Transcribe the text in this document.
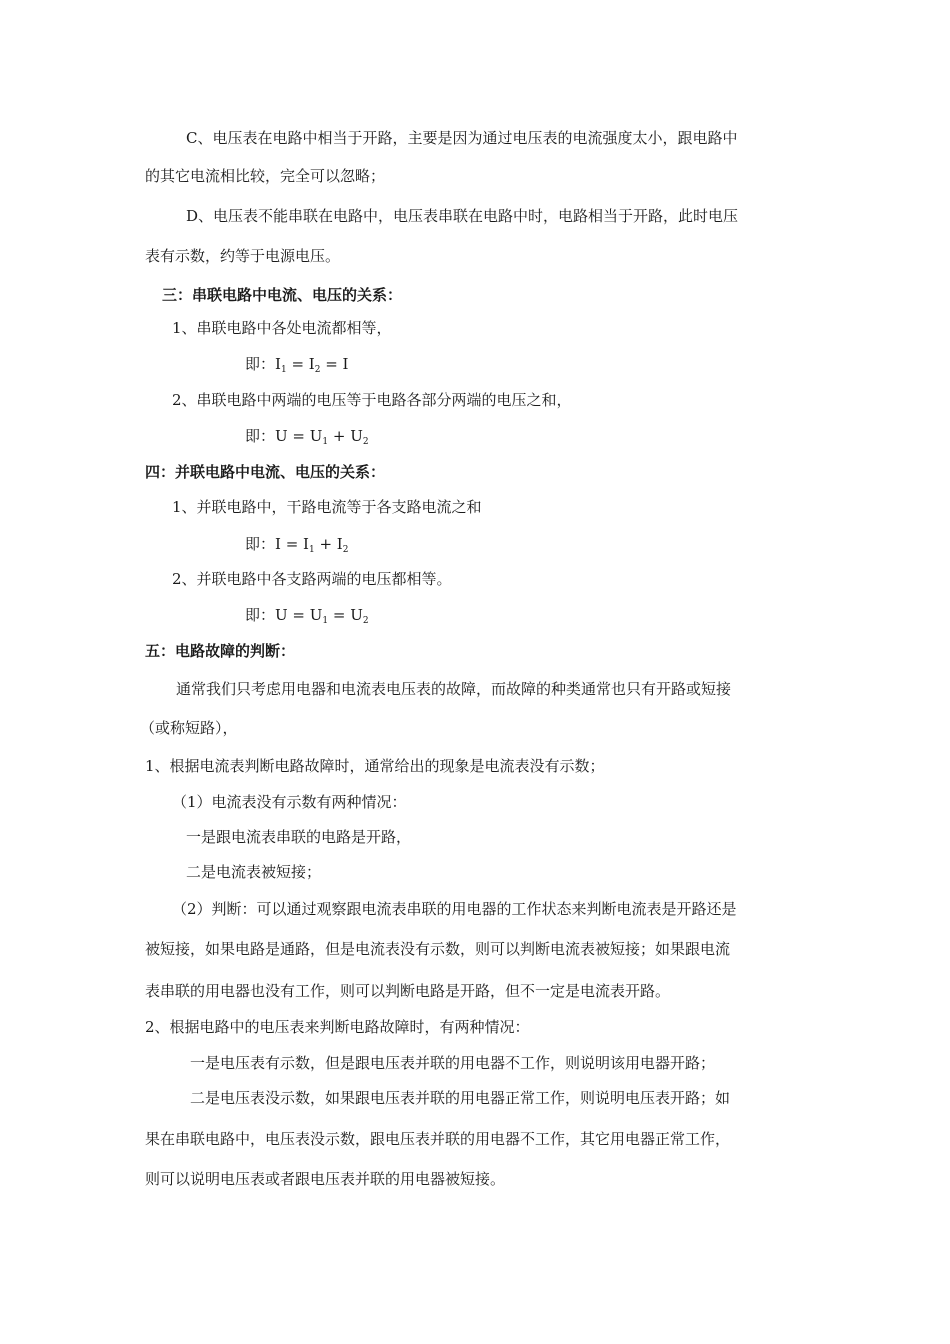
C、电压表在电路中相当于开路，主要是因为通过电压表的电流强度太小，跟电路中
的其它电流相比较，完全可以忽略；
D、电压表不能串联在电路中，电压表串联在电路中时，电路相当于开路，此时电压
表有示数，约等于电源电压。
三：串联电路中电流、电压的关系：
1、串联电路中各处电流都相等，
即：$I_1 = I_2 = I$
2、串联电路中两端的电压等于电路各部分两端的电压之和，
即：$U = U_1 + U_2$
四：并联电路中电流、电压的关系：
1、并联电路中，干路电流等于各支路电流之和
即：$I = I_1 + I_2$
2、并联电路中各支路两端的电压都相等。
即：$U = U_1 = U_2$
五：电路故障的判断：
通常我们只考虑用电器和电流表电压表的故障，而故障的种类通常也只有开路或短接
（或称短路），
1、根据电流表判断电路故障时，通常给出的现象是电流表没有示数；
（1）电流表没有示数有两种情况：
一是跟电流表串联的电路是开路，
二是电流表被短接；
（2）判断：可以通过观察跟电流表串联的用电器的工作状态来判断电流表是开路还是
被短接，如果电路是通路，但是电流表没有示数，则可以判断电流表被短接；如果跟电流
表串联的用电器也没有工作，则可以判断电路是开路，但不一定是电流表开路。
2、根据电路中的电压表来判断电路故障时，有两种情况：
一是电压表有示数，但是跟电压表并联的用电器不工作，则说明该用电器开路；
二是电压表没示数，如果跟电压表并联的用电器正常工作，则说明电压表开路；如
果在串联电路中，电压表没示数，跟电压表并联的用电器不工作，其它用电器正常工作，
则可以说明电压表或者跟电压表并联的用电器被短接。
